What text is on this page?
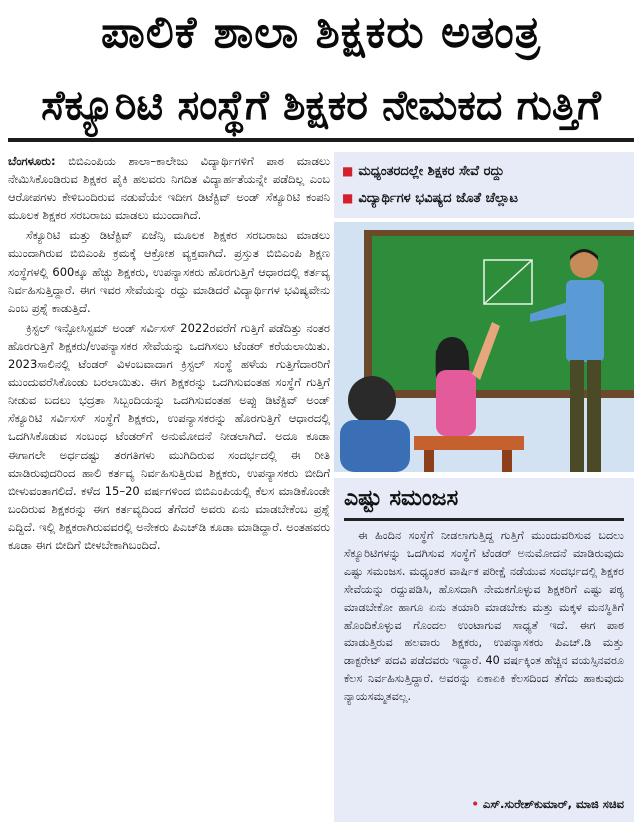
ಪಾಲಿಕೆ ಶಾಲಾ ಶಿಕ್ಷಕರು ಅತಂತ್ರ
ಸೆಕ್ಯೂರಿಟಿ ಸಂಸ್ಥೆಗೆ ಶಿಕ್ಷಕರ ನೇಮಕದ ಗುತ್ತಿಗೆ

ಬೆಂಗಳೂರು: ಬಿಬಿಎಂಪಿಯ ಶಾಲಾ–ಕಾಲೇಜು ವಿದ್ಯಾರ್ಥಿಗಳಿಗೆ ಪಾಠ ಮಾಡಲು ನೇಮಿಸಿಕೊಂಡಿರುವ ಶಿಕ್ಷಕರ ಪೈಕಿ ಹಲವರು ನಿಗದಿತ ವಿದ್ಯಾರ್ಹತೆಯನ್ನೇ ಪಡೆದಿಲ್ಲ ಎಂಬ ಆರೋಪಗಳು ಕೇಳಿಬಂದಿರುವ ನಡುವೆಯೇ ಇದೀಗ ಡಿಟೆಕ್ಟಿವ್ ಅಂಡ್ ಸೆಕ್ಯೂರಿಟಿ ಕಂಪನಿ ಮೂಲಕ ಶಿಕ್ಷಕರ ಸರಬರಾಜು ಮಾಡಲು ಮುಂದಾಗಿದೆ.

ಸೆಕ್ಯೂರಿಟಿ ಮತ್ತು ಡಿಟೆಕ್ಟಿವ್ ಏಜೆನ್ಸಿ ಮೂಲಕ ಶಿಕ್ಷಕರ ಸರಬರಾಜು ಮಾಡಲು ಮುಂದಾಗಿರುವ ಬಿಬಿಎಂಪಿ ಕ್ರಮಕ್ಕೆ ಆಕ್ರೋಶ ವ್ಯಕ್ತವಾಗಿದೆ. ಪ್ರಸ್ತುತ ಬಿಬಿಎಂಪಿ ಶಿಕ್ಷಣ ಸಂಸ್ಥೆಗಳಲ್ಲಿ 600ಕ್ಕೂ ಹೆಚ್ಚು ಶಿಕ್ಷಕರು, ಉಪನ್ಯಾಸಕರು ಹೊರಗುತ್ತಿಗೆ ಆಧಾರದಲ್ಲಿ ಕರ್ತವ್ಯ ನಿರ್ವಹಿಸುತ್ತಿದ್ದಾರೆ. ಈಗ ಇವರ ಸೇವೆಯನ್ನು ರದ್ದು ಮಾಡಿದರೆ ವಿದ್ಯಾರ್ಥಿಗಳ ಭವಿಷ್ಯವೇನು ಎಂಬ ಪ್ರಶ್ನೆ ಕಾಡುತ್ತಿದೆ.

ಕ್ರಿಸ್ಟಲ್ ಇನ್ಫೋಸಿಸ್ಟಮ್ ಅಂಡ್ ಸರ್ವಿಸಸ್ 2022ರವರೆಗೆ ಗುತ್ತಿಗೆ ಪಡೆದಿತ್ತು ನಂತರ ಹೊರಗುತ್ತಿಗೆ ಶಿಕ್ಷಕರು/ಉಪನ್ಯಾಸಕರ ಸೇವೆಯನ್ನು ಒದಗಿಸಲು ಟೆಂಡರ್ ಕರೆಯಲಾಯಿತು. 2023ಸಾಲಿನಲ್ಲಿ ಟೆಂಡರ್ ವಿಳಂಬವಾದಾಗ ಕ್ರಿಸ್ಟಲ್ ಸಂಸ್ಥೆ ಹಳೆಯ ಗುತ್ತಿಗೆದಾರರಿಗೆ ಮುಂದುವರೆಸಿಕೊಂಡು ಬರಲಾಯಿತು. ಈಗ ಶಿಕ್ಷಕರನ್ನು ಒದಗಿಸುವಂತಹ ಸಂಸ್ಥೆಗೆ ಗುತ್ತಿಗೆ ನೀಡುವ ಬದಲು ಭದ್ರತಾ ಸಿಬ್ಬಂದಿಯನ್ನು ಒದಗಿಸುವಂತಹ ಅಪ್ಪು ಡಿಟೆಕ್ಟಿವ್ ಅಂಡ್ ಸೆಕ್ಯೂರಿಟಿ ಸರ್ವಿಸಸ್ ಸಂಸ್ಥೆಗೆ ಶಿಕ್ಷಕರು, ಉಪನ್ಯಾಸಕರನ್ನು ಹೊರಗುತ್ತಿಗೆ ಆಧಾರದಲ್ಲಿ ಒದಗಿಸಿಕೊಡುವ ಸಂಬಂಧ ಟೆಂಡರ್‌ಗೆ ಅನುಮೋದನೆ ನೀಡಲಾಗಿದೆ. ಅದೂ ಕೂಡಾ ಈಗಾಗಲೇ ಅರ್ಧದಷ್ಟು ತರಗತಿಗಳು ಮುಗಿದಿರುವ ಸಂದರ್ಭದಲ್ಲಿ ಈ ರೀತಿ ಮಾಡಿರುವುದರಿಂದ ಹಾಲಿ ಕರ್ತವ್ಯ ನಿರ್ವಹಿಸುತ್ತಿರುವ ಶಿಕ್ಷಕರು, ಉಪನ್ಯಾಸಕರು ಬೀದಿಗೆ ಬೀಳುವಂತಾಗಲಿದೆ. ಕಳೆದ 15–20 ವರ್ಷಗಳಿಂದ ಬಿಬಿಎಂಪಿಯಲ್ಲಿ ಕೆಲಸ ಮಾಡಿಕೊಂಡೇ ಬಂದಿರುವ ಶಿಕ್ಷಕರನ್ನು ಈಗ ಕರ್ತವ್ಯದಿಂದ ತೆಗೆದರೆ ಅವರು ಏನು ಮಾಡಬೇಕೆಂಬ ಪ್ರಶ್ನೆ ಎದ್ದಿದೆ. ಇಲ್ಲಿ ಶಿಕ್ಷಕರಾಗಿರುವವರಲ್ಲಿ ಅನೇಕರು ಪಿಎಚ್‌ಡಿ ಕೂಡಾ ಮಾಡಿದ್ದಾರೆ. ಅಂತಹವರು ಕೂಡಾ ಈಗ ಬೀದಿಗೆ ಬೀಳಬೇಕಾಗಿಬಂದಿದೆ.

■ ಮಧ್ಯಂತರದಲ್ಲೇ ಶಿಕ್ಷಕರ ಸೇವೆ ರದ್ದು
■ ವಿದ್ಯಾರ್ಥಿಗಳ ಭವಿಷ್ಯದ ಜೊತೆ ಚೆಲ್ಲಾಟ
ಎಷ್ಟು ಸಮಂಜಸ
ಈ ಹಿಂದಿನ ಸಂಸ್ಥೆಗೆ ನೀಡಲಾಗುತ್ತಿದ್ದ ಗುತ್ತಿಗೆ ಮುಂದುವರಿಸುವ ಬದಲು ಸೆಕ್ಯೂರಿಟಿಗಳನ್ನು ಒದಗಿಸುವ ಸಂಸ್ಥೆಗೆ ಟೆಂಡರ್ ಅನುಮೋದನೆ ಮಾಡಿರುವುದು ಎಷ್ಟು ಸಮಂಜಸ. ಮಧ್ಯಂತರ ವಾರ್ಷಿಕ ಪರೀಕ್ಷೆ ನಡೆಯುವ ಸಂದರ್ಭದಲ್ಲಿ ಶಿಕ್ಷಕರ ಸೇವೆಯನ್ನು ರದ್ದುಪಡಿಸಿ, ಹೊಸದಾಗಿ ನೇಮಕಗೊಳ್ಳುವ ಶಿಕ್ಷಕರಿಗೆ ಎಷ್ಟು ಪಠ್ಯ ಮಾಡಬೇಕೋ ಹಾಗೂ ಏನು ತಯಾರಿ ಮಾಡಬೇಕು ಮತ್ತು ಮಕ್ಕಳ ಮನಸ್ಥಿತಿಗೆ ಹೊಂದಿಕೊಳ್ಳುವ ಗೊಂದಲ ಉಂಟಾಗುವ ಸಾಧ್ಯತೆ ಇದೆ. ಈಗ ಪಾಠ ಮಾಡುತ್ತಿರುವ ಹಲವಾರು ಶಿಕ್ಷಕರು, ಉಪನ್ಯಾಸಕರು ಪಿಎಚ್.ಡಿ ಮತ್ತು ಡಾಕ್ಟರೇಟ್ ಪದವಿ ಪಡೆದವರು ಇದ್ದಾರೆ. 40 ವರ್ಷಕ್ಕಿಂತ ಹೆಚ್ಚಿನ ವಯಸ್ಸಿನವರೂ ಕೆಲಸ ನಿರ್ವಹಿಸುತ್ತಿದ್ದಾರೆ. ಅವರನ್ನು ಏಕಾಏಕಿ ಕೆಲಸದಿಂದ ತೆಗೆದು ಹಾಕುವುದು ನ್ಯಾಯಸಮ್ಮತವಲ್ಲ.
• ಎಸ್.ಸುರೇಶ್‌ಕುಮಾರ್, ಮಾಜಿ ಸಚಿವ
